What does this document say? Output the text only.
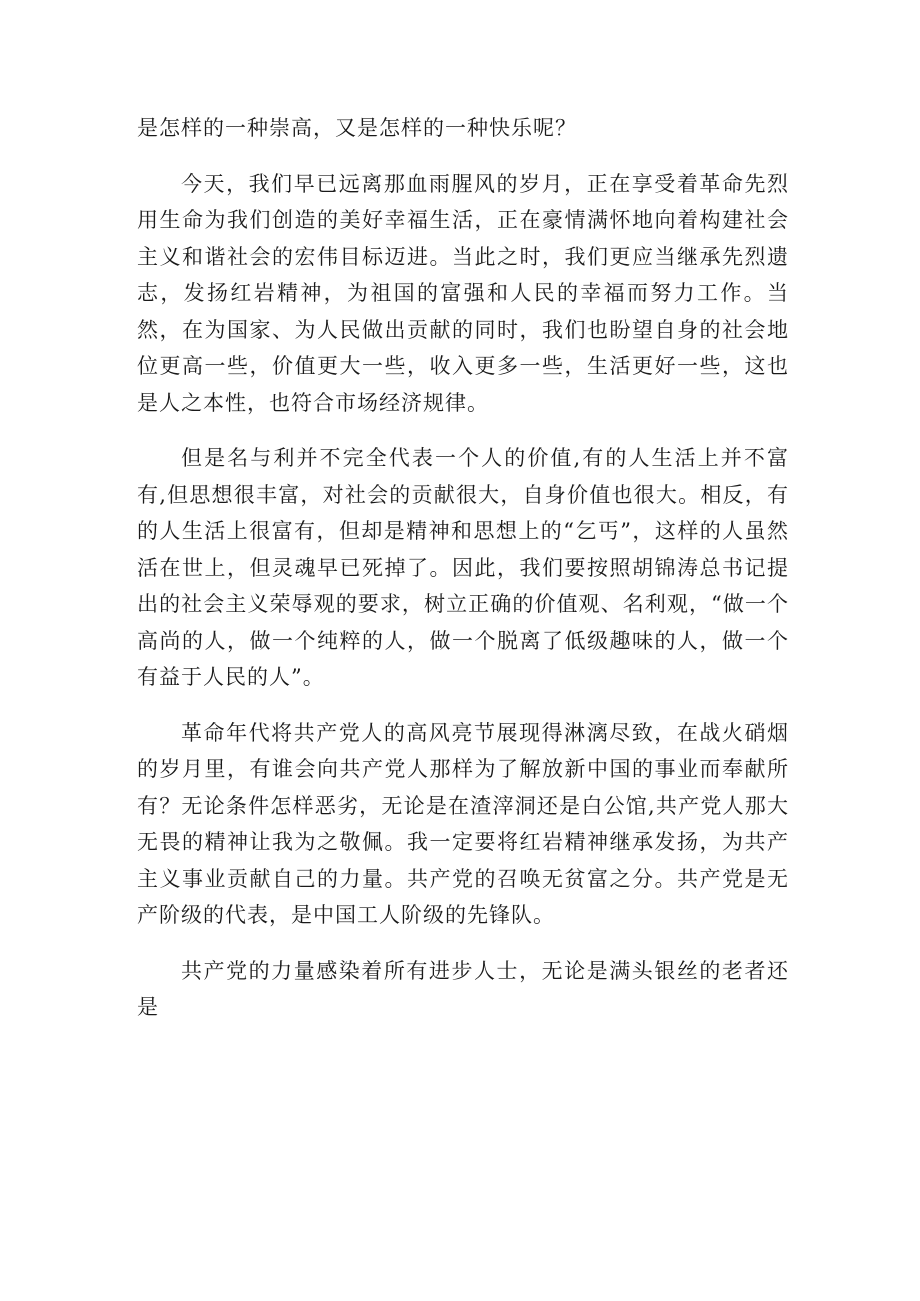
是怎样的一种崇高，又是怎样的一种快乐呢？

今天，我们早已远离那血雨腥风的岁月，正在享受着革命先烈用生命为我们创造的美好幸福生活，正在豪情满怀地向着构建社会主义和谐社会的宏伟目标迈进。当此之时，我们更应当继承先烈遗志，发扬红岩精神，为祖国的富强和人民的幸福而努力工作。当然，在为国家、为人民做出贡献的同时，我们也盼望自身的社会地位更高一些，价值更大一些，收入更多一些，生活更好一些，这也是人之本性，也符合市场经济规律。

但是名与利并不完全代表一个人的价值,有的人生活上并不富有,但思想很丰富，对社会的贡献很大，自身价值也很大。相反，有的人生活上很富有，但却是精神和思想上的“乞丐”，这样的人虽然活在世上，但灵魂早已死掉了。因此，我们要按照胡锦涛总书记提出的社会主义荣辱观的要求，树立正确的价值观、名利观，“做一个高尚的人，做一个纯粹的人，做一个脱离了低级趣味的人，做一个有益于人民的人”。

革命年代将共产党人的高风亮节展现得淋漓尽致，在战火硝烟的岁月里，有谁会向共产党人那样为了解放新中国的事业而奉献所有？无论条件怎样恶劣，无论是在渣滓洞还是白公馆,共产党人那大无畏的精神让我为之敬佩。我一定要将红岩精神继承发扬，为共产主义事业贡献自己的力量。共产党的召唤无贫富之分。共产党是无产阶级的代表，是中国工人阶级的先锋队。

共产党的力量感染着所有进步人士，无论是满头银丝的老者还是
